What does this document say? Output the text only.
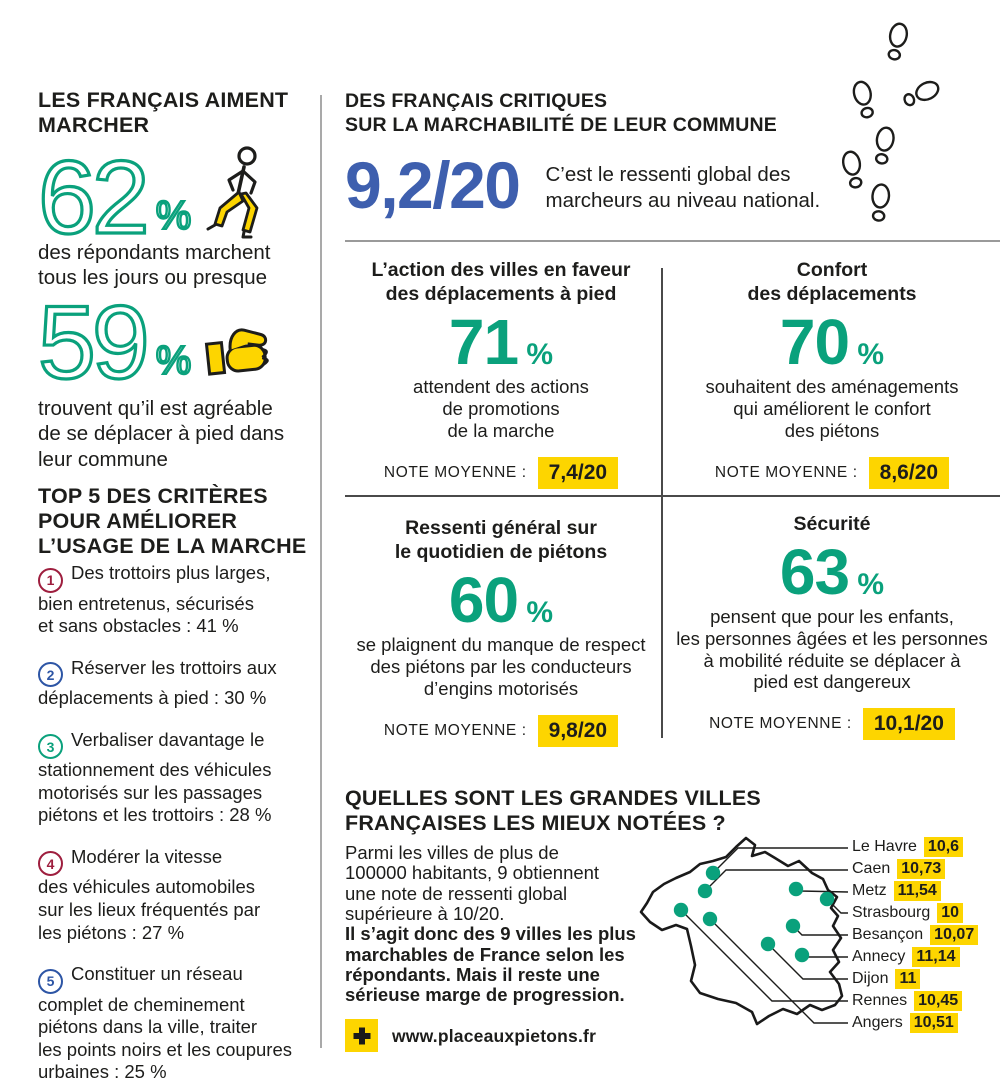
LES FRANÇAIS AIMENT
MARCHER
62 %
des répondants marchent
tous les jours ou presque
59 %
trouvent qu’il est agréable
de se déplacer à pied dans
leur commune
TOP 5 DES CRITÈRES
POUR AMÉLIORER
L’USAGE DE LA MARCHE

1 Des trottoirs plus larges,
bien entretenus, sécurisés
et sans obstacles : 41 %

2 Réserver les trottoirs aux
déplacements à pied : 30 %

3 Verbaliser davantage le
stationnement des véhicules
motorisés sur les passages
piétons et les trottoirs : 28 %

4 Modérer la vitesse
des véhicules automobiles
sur les lieux fréquentés par
les piétons : 27 %

5 Constituer un réseau
complet de cheminement
piétons dans la ville, traiter
les points noirs et les coupures
urbaines : 25 %

DES FRANÇAIS CRITIQUES
SUR LA MARCHABILITÉ DE LEUR COMMUNE
9,2/20 C’est le ressenti global des
marcheurs au niveau national.
L’action des villes en faveur
des déplacements à pied
71 %
attendent des actions
de promotions
de la marche
NOTE MOYENNE :	7,4/20
Confort
des déplacements
70 %
souhaitent des aménagements
qui améliorent le confort
des piétons
NOTE MOYENNE :	8,6/20
Ressenti général sur
le quotidien de piétons
60 %
se plaignent du manque de respect
des piétons par les conducteurs
d’engins motorisés
NOTE MOYENNE :	9,8/20
Sécurité
63 %
pensent que pour les enfants,
les personnes âgées et les personnes
à mobilité réduite se déplacer à
pied est dangereux
NOTE MOYENNE :	10,1/20
QUELLES SONT LES GRANDES VILLES
FRANÇAISES LES MIEUX NOTÉES ?
Parmi les villes de plus de
100000 habitants, 9 obtiennent
une note de ressenti global
supérieure à 10/20.
Il s’agit donc des 9 villes les plus
marchables de France selon les
répondants. Mais il reste une
sérieuse marge de progression.
Le Havre 10,6
Caen 10,73
Metz 11,54
Strasbourg 10
Besançon 10,07
Annecy 11,14
Dijon 11
Rennes 10,45
Angers 10,51
www.placeauxpietons.fr
